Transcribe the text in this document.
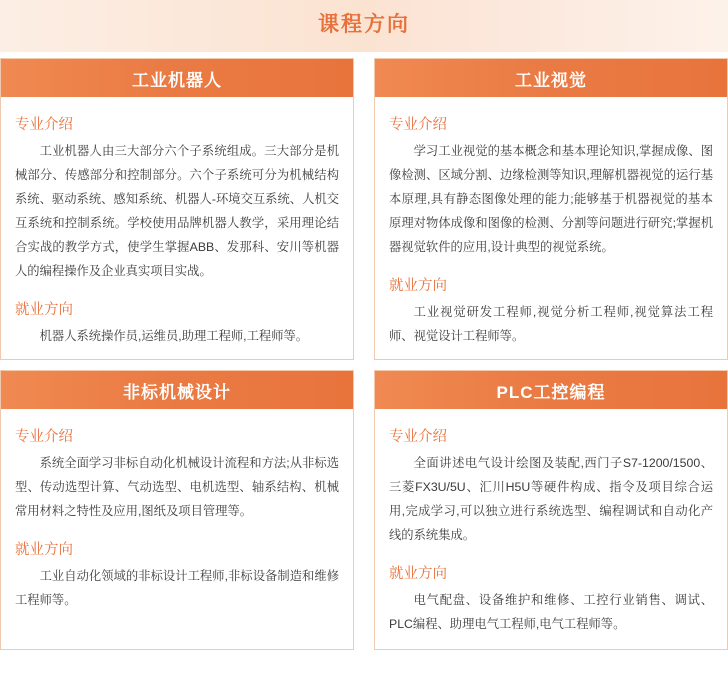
课程方向
工业机器人
专业介绍

工业机器人由三大部分六个子系统组成。三大部分是机械部分、传感部分和控制部分。六个子系统可分为机械结构系统、驱动系统、感知系统、机器人-环境交互系统、人机交互系统和控制系统。学校使用品牌机器人教学，采用理论结合实战的教学方式，使学生掌握ABB、发那科、安川等机器人的编程操作及企业真实项目实战。

就业方向

机器人系统操作员,运维员,助理工程师,工程师等。

工业视觉
专业介绍

学习工业视觉的基本概念和基本理论知识,掌握成像、图像检测、区域分割、边缘检测等知识,理解机器视觉的运行基本原理,具有静态图像处理的能力;能够基于机器视觉的基本原理对物体成像和图像的检测、分割等问题进行研究;掌握机器视觉软件的应用,设计典型的视觉系统。

就业方向

工业视觉研发工程师,视觉分析工程师,视觉算法工程师、视觉设计工程师等。

非标机械设计
专业介绍

系统全面学习非标自动化机械设计流程和方法;从非标选型、传动选型计算、气动选型、电机选型、轴系结构、机械常用材料之特性及应用,图纸及项目管理等。

就业方向

工业自动化领域的非标设计工程师,非标设备制造和维修工程师等。

PLC工控编程
专业介绍

全面讲述电气设计绘图及装配,西门子S7-1200/1500、三菱FX3U/5U、汇川H5U等硬件构成、指令及项目综合运用,完成学习,可以独立进行系统选型、编程调试和自动化产线的系统集成。

就业方向

电气配盘、设备维护和维修、工控行业销售、调试、PLC编程、助理电气工程师,电气工程师等。
